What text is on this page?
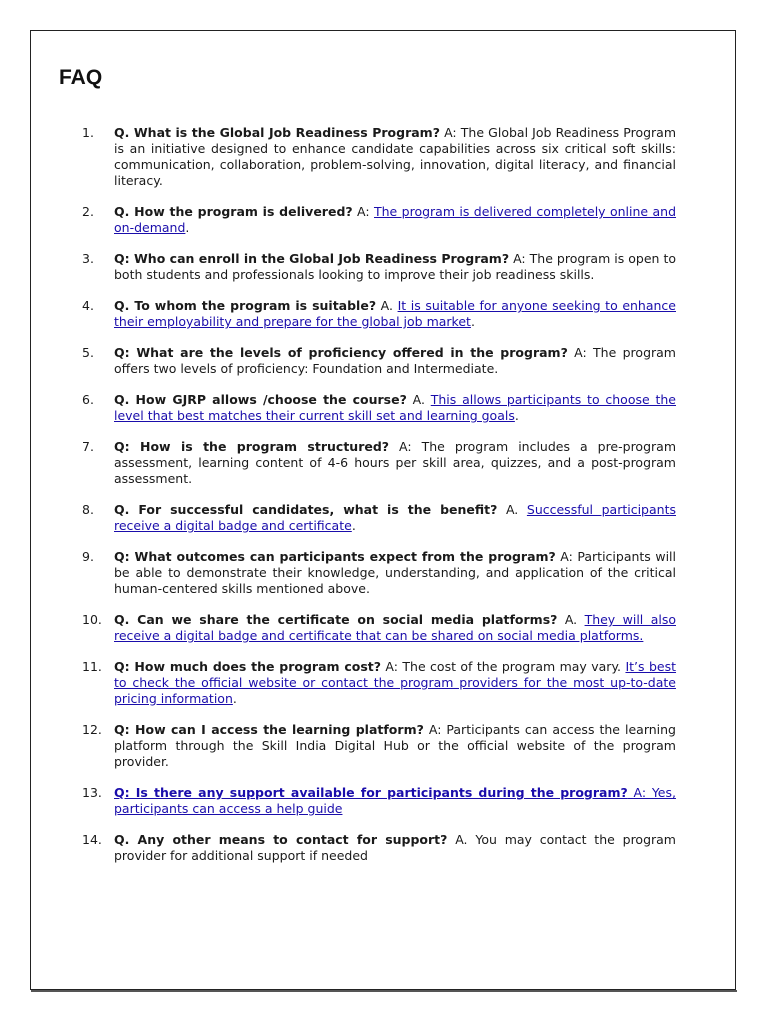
FAQ
1.	Q. What is the Global Job Readiness Program? A: The Global Job Readiness Program is an initiative designed to enhance candidate capabilities across six critical soft skills: communication, collaboration, problem-solving, innovation, digital literacy, and financial literacy.
2.	Q. How the program is delivered? A: The program is delivered completely online and on-demand.
3.	Q: Who can enroll in the Global Job Readiness Program? A: The program is open to both students and professionals looking to improve their job readiness skills.
4.	Q. To whom the program is suitable? A. It is suitable for anyone seeking to enhance their employability and prepare for the global job market.
5.	Q: What are the levels of proficiency offered in the program? A: The program offers two levels of proficiency: Foundation and Intermediate.
6.	Q. How GJRP allows /choose the course? A. This allows participants to choose the level that best matches their current skill set and learning goals.
7.	Q: How is the program structured? A: The program includes a pre-program assessment, learning content of 4-6 hours per skill area, quizzes, and a post-program assessment.
8.	Q. For successful candidates, what is the benefit? A. Successful participants receive a digital badge and certificate.
9.	Q: What outcomes can participants expect from the program? A: Participants will be able to demonstrate their knowledge, understanding, and application of the critical human-centered skills mentioned above.
10. Q. Can we share the certificate on social media platforms? A. They will also receive a digital badge and certificate that can be shared on social media platforms.
11. Q: How much does the program cost? A: The cost of the program may vary. It’s best to check the official website or contact the program providers for the most up-to-date pricing information.
12. Q: How can I access the learning platform? A: Participants can access the learning platform through the Skill India Digital Hub or the official website of the program provider.
13. Q: Is there any support available for participants during the program? A: Yes, participants can access a help guide
14. Q. Any other means to contact for support? A. You may contact the program provider for additional support if needed
